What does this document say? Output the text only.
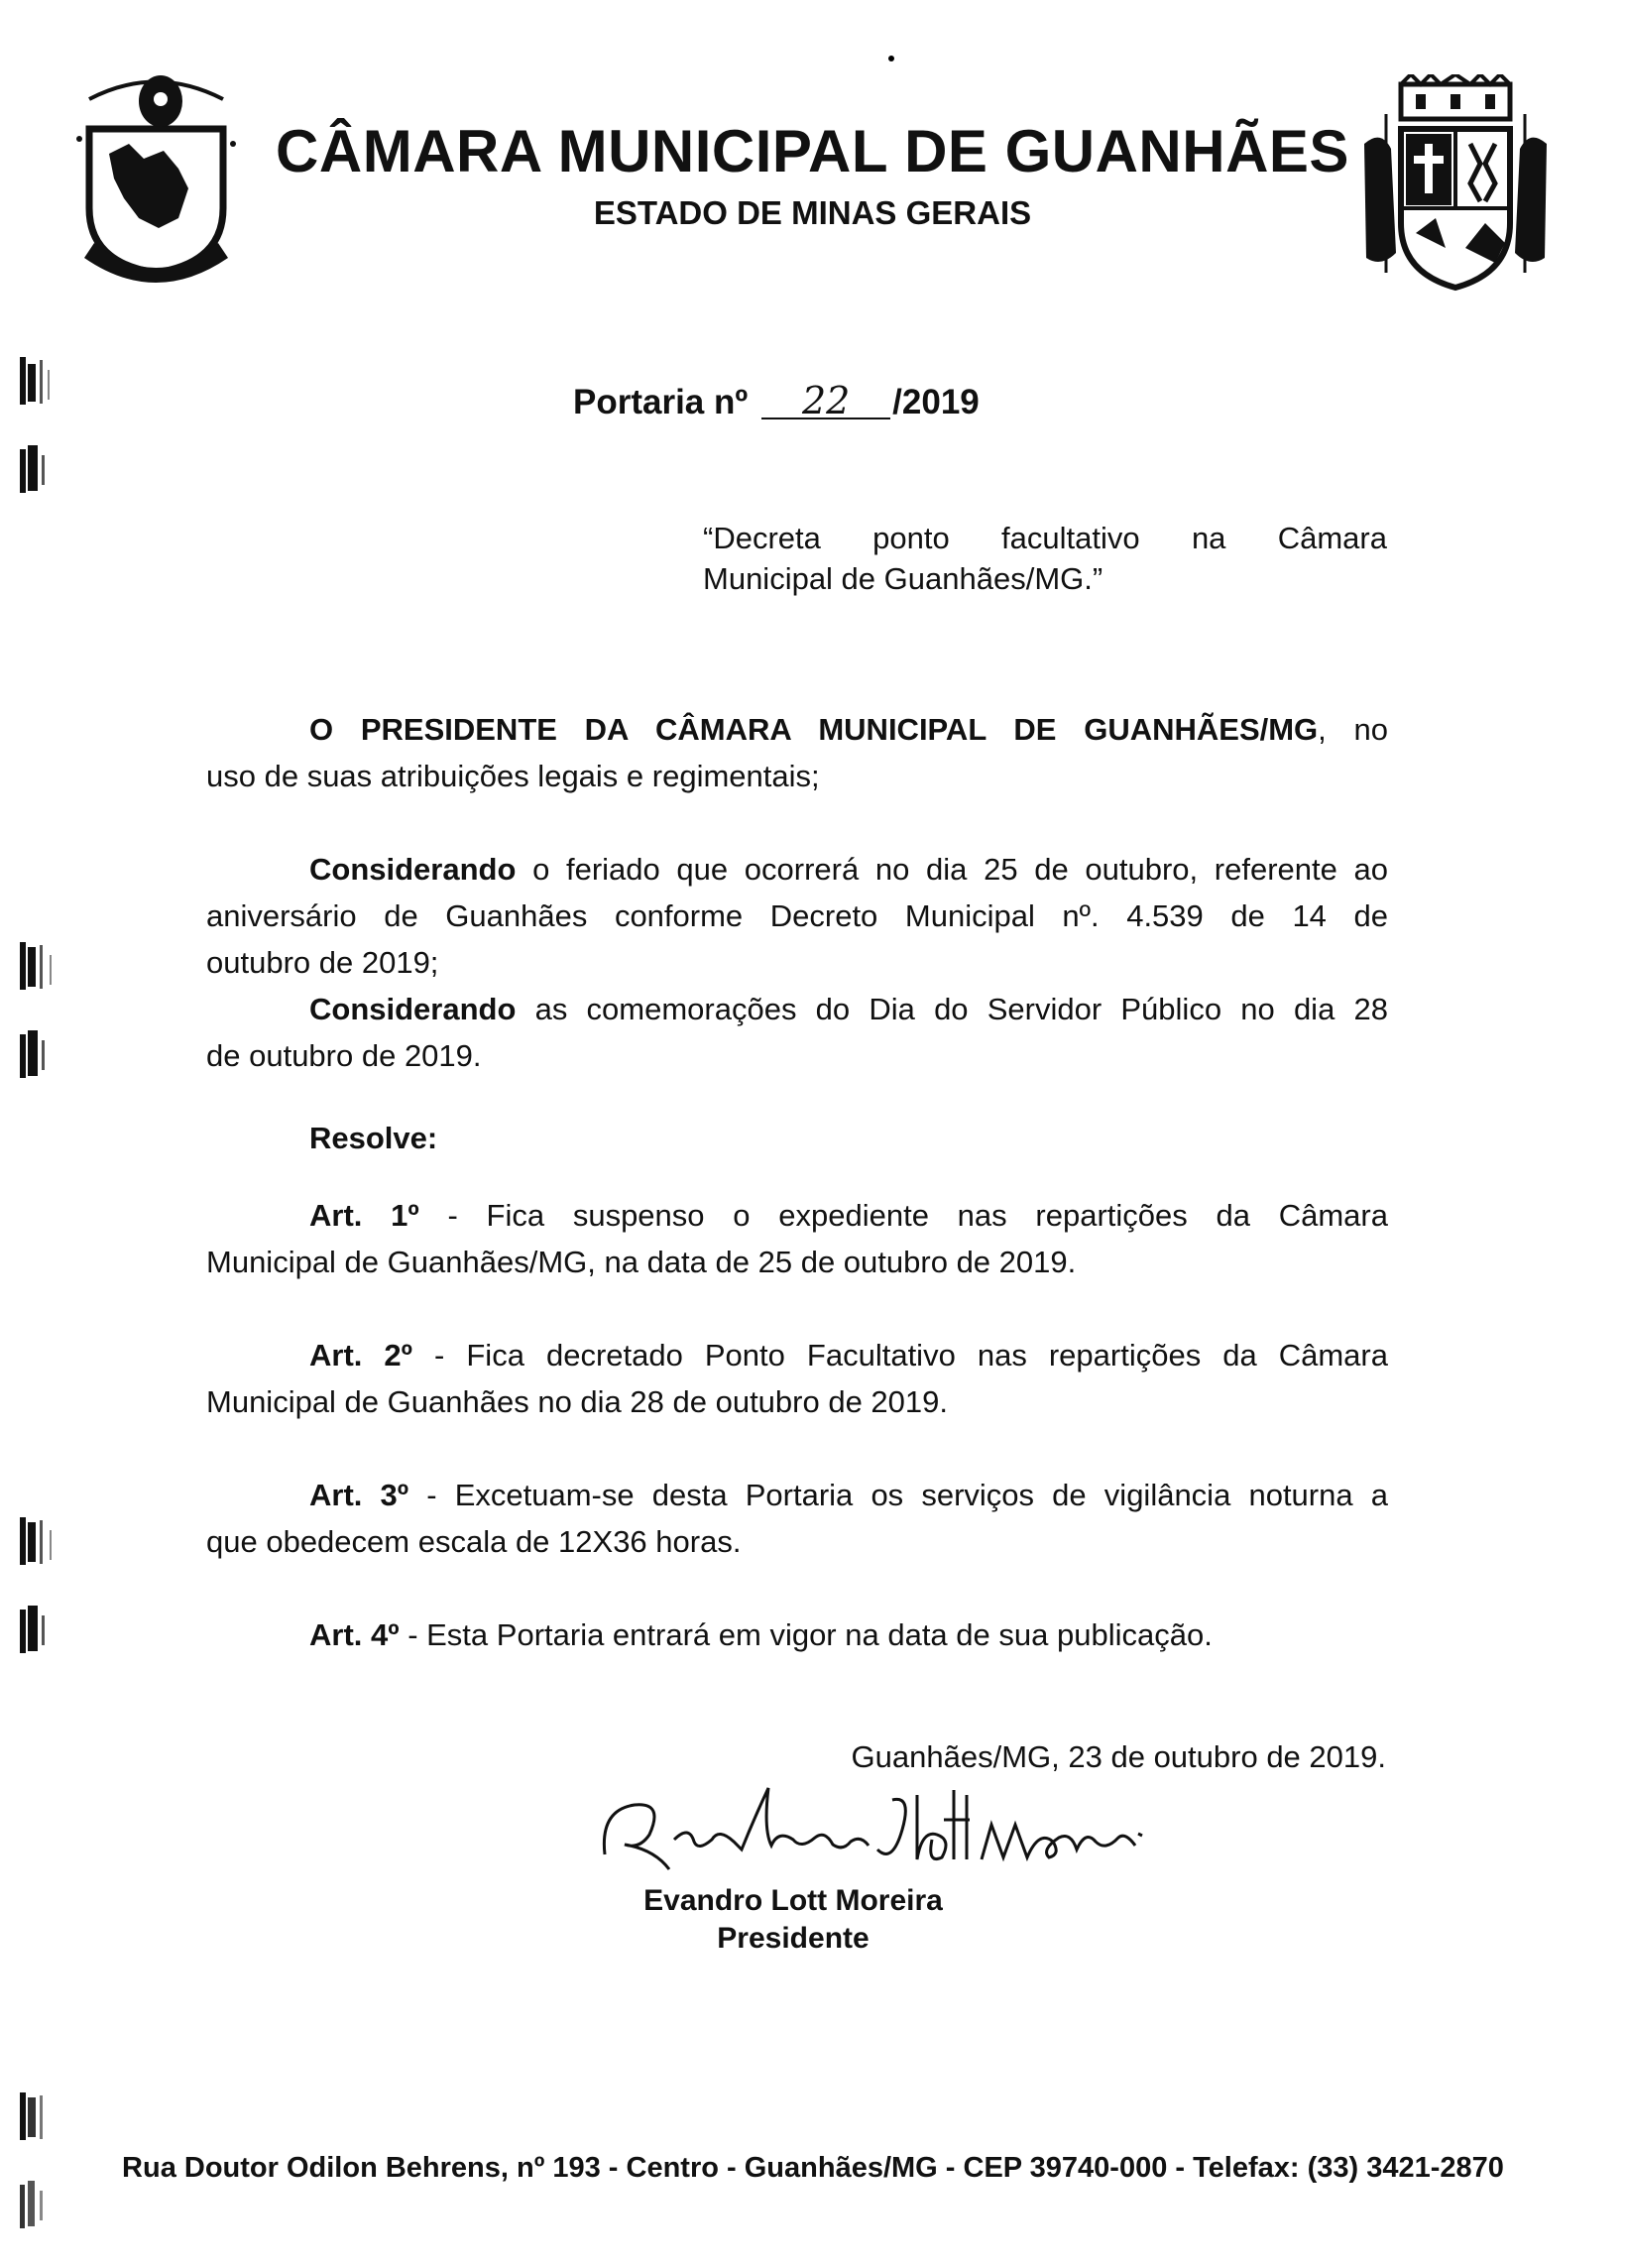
CÂMARA MUNICIPAL DE GUANHÃES
ESTADO DE MINAS GERAIS
Portaria nº 22 /2019
“Decreta ponto facultativo na Câmara
Municipal de Guanhães/MG.”
O PRESIDENTE DA CÂMARA MUNICIPAL DE GUANHÃES/MG, no
uso de suas atribuições legais e regimentais;
Considerando o feriado que ocorrerá no dia 25 de outubro, referente ao
aniversário de Guanhães conforme Decreto Municipal nº. 4.539 de 14 de
outubro de 2019;
Considerando as comemorações do Dia do Servidor Público no dia 28
de outubro de 2019.
Resolve:
Art. 1º - Fica suspenso o expediente nas repartições da Câmara
Municipal de Guanhães/MG, na data de 25 de outubro de 2019.
Art. 2º - Fica decretado Ponto Facultativo nas repartições da Câmara
Municipal de Guanhães no dia 28 de outubro de 2019.
Art. 3º - Excetuam-se desta Portaria os serviços de vigilância noturna a
que obedecem escala de 12X36 horas.
Art. 4º - Esta Portaria entrará em vigor na data de sua publicação.
Guanhães/MG, 23 de outubro de 2019.
Evandro Lott Moreira
Presidente
Rua Doutor Odilon Behrens, nº 193 - Centro - Guanhães/MG - CEP 39740-000 - Telefax: (33) 3421-2870
